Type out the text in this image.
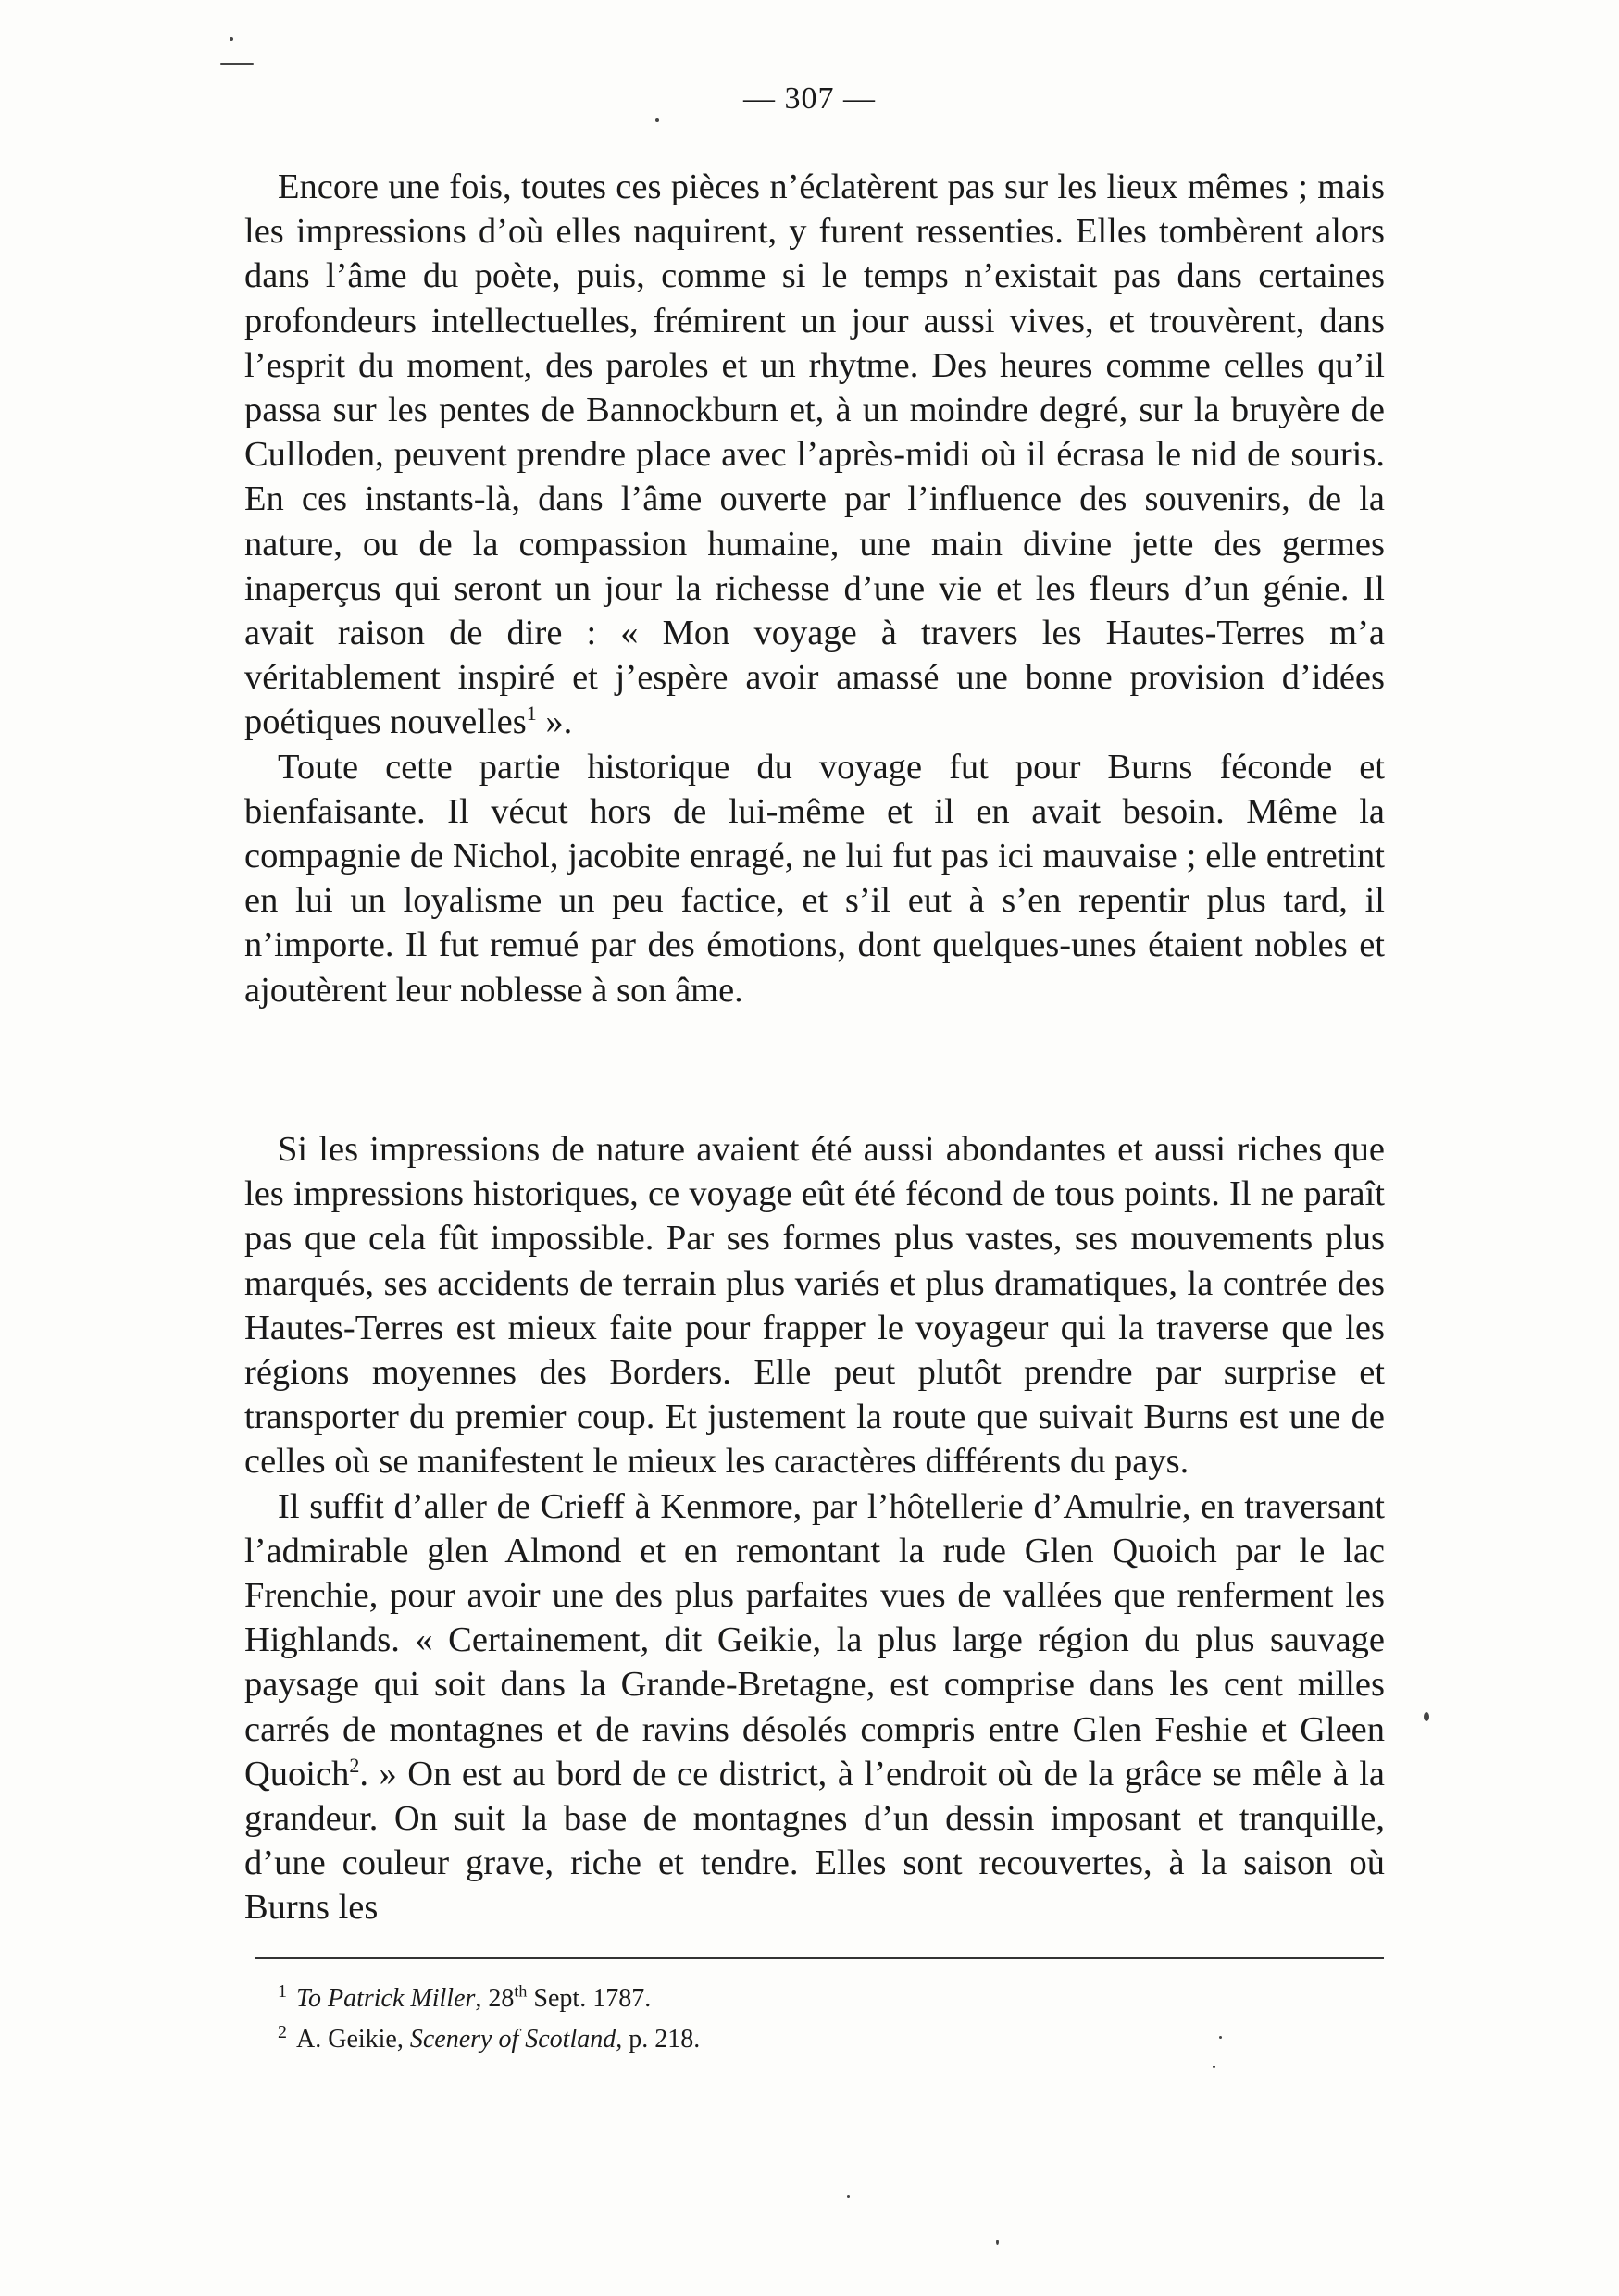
— 307 —

Encore une fois, toutes ces pièces n’éclatèrent pas sur les lieux mêmes ; mais les impressions d’où elles naquirent, y furent ressenties. Elles tombèrent alors dans l’âme du poète, puis, comme si le temps n’existait pas dans certaines profondeurs intellectuelles, frémirent un jour aussi vives, et trouvèrent, dans l’esprit du moment, des paroles et un rhytme. Des heures comme celles qu’il passa sur les pentes de Bannockburn et, à un moindre degré, sur la bruyère de Culloden, peuvent prendre place avec l’après-midi où il écrasa le nid de souris. En ces instants-là, dans l’âme ouverte par l’influence des souvenirs, de la nature, ou de la compassion humaine, une main divine jette des germes inaperçus qui seront un jour la richesse d’une vie et les fleurs d’un génie. Il avait raison de dire : « Mon voyage à travers les Hautes-Terres m’a véritablement inspiré et j’espère avoir amassé une bonne provision d’idées poétiques nouvelles$^1$ ».

Toute cette partie historique du voyage fut pour Burns féconde et bienfaisante. Il vécut hors de lui-même et il en avait besoin. Même la compagnie de Nichol, jacobite enragé, ne lui fut pas ici mauvaise ; elle entretint en lui un loyalisme un peu factice, et s’il eut à s’en repentir plus tard, il n’importe. Il fut remué par des émotions, dont quelques-unes étaient nobles et ajoutèrent leur noblesse à son âme.

Si les impressions de nature avaient été aussi abondantes et aussi riches que les impressions historiques, ce voyage eût été fécond de tous points. Il ne paraît pas que cela fût impossible. Par ses formes plus vastes, ses mouvements plus marqués, ses accidents de terrain plus variés et plus dramatiques, la contrée des Hautes-Terres est mieux faite pour frapper le voyageur qui la traverse que les régions moyennes des Borders. Elle peut plutôt prendre par surprise et transporter du premier coup. Et justement la route que suivait Burns est une de celles où se manifestent le mieux les caractères différents du pays.

Il suffit d’aller de Crieff à Kenmore, par l’hôtellerie d’Amulrie, en traversant l’admirable glen Almond et en remontant la rude Glen Quoich par le lac Frenchie, pour avoir une des plus parfaites vues de vallées que renferment les Highlands. « Certainement, dit Geikie, la plus large région du plus sauvage paysage qui soit dans la Grande-Bretagne, est comprise dans les cent milles carrés de montagnes et de ravins désolés compris entre Glen Feshie et Gleen Quoich$^2$. » On est au bord de ce district, à l’endroit où de la grâce se mêle à la grandeur. On suit la base de montagnes d’un dessin imposant et tranquille, d’une couleur grave, riche et tendre. Elles sont recouvertes, à la saison où Burns les

$^1$ To Patrick Miller, 28th Sept. 1787.

$^2$ A. Geikie, Scenery of Scotland, p. 218.
